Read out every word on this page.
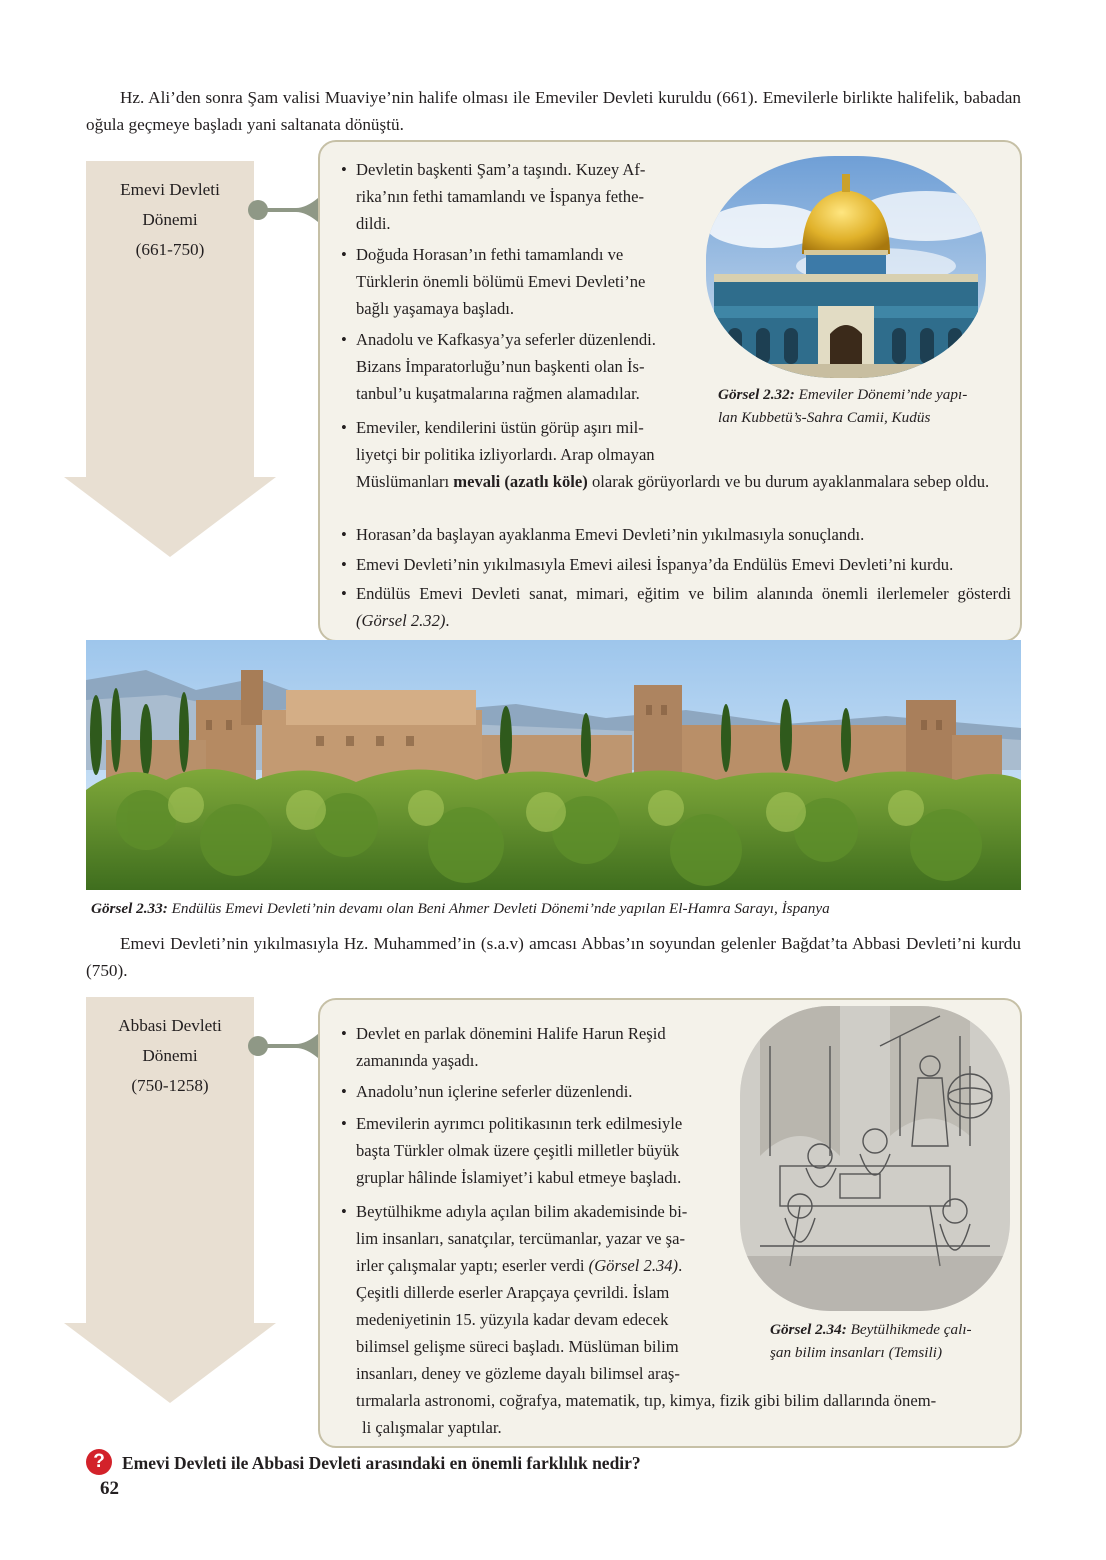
Hz. Ali’den sonra Şam valisi Muaviye’nin halife olması ile Emeviler Devleti kuruldu (661). Emevilerle birlikte halifelik, babadan oğula geçmeye başladı yani saltanata dönüştü.

Emevi Devleti
Dönemi
(661-750)
• Devletin başkenti Şam’a taşındı. Kuzey Af-

rika’nın fethi tamamlandı ve İspanya fethe-

dildi.

• Doğuda Horasan’ın fethi tamamlandı ve

Türklerin önemli bölümü Emevi Devleti’ne

bağlı yaşamaya başladı.

• Anadolu ve Kafkasya’ya seferler düzenlendi.

Bizans İmparatorluğu’nun başkenti olan İs-

tanbul’u kuşatmalarına rağmen alamadılar.

• Emeviler, kendilerini üstün görüp aşırı mil-

liyetçi bir politika izliyorlardı. Arap olmayan

Müslümanları mevali (azatlı köle) olarak görüyorlardı ve bu durum ayaklanmalara sebep oldu.

• Horasan’da başlayan ayaklanma Emevi Devleti’nin yıkılmasıyla sonuçlandı.

• Emevi Devleti’nin yıkılmasıyla Emevi ailesi İspanya’da Endülüs Emevi Devleti’ni kurdu.

• Endülüs Emevi Devleti sanat, mimari, eğitim ve bilim alanında önemli ilerlemeler gösterdi (Görsel 2.32).

Görsel 2.32: Emeviler Dönemi’nde yapı-
lan Kubbetü’s-Sahra Camii, Kudüs
Görsel 2.33: Endülüs Emevi Devleti’nin devamı olan Beni Ahmer Devleti Dönemi’nde yapılan El-Hamra Sarayı, İspanya

Emevi Devleti’nin yıkılmasıyla Hz. Muhammed’in (s.a.v) amcası Abbas’ın soyundan gelenler Bağdat’ta Abbasi Devleti’ni kurdu (750).

Abbasi Devleti
Dönemi
(750-1258)
• Devlet en parlak dönemini Halife Harun Reşid

zamanında yaşadı.

• Anadolu’nun içlerine seferler düzenlendi.

• Emevilerin ayrımcı politikasının terk edilmesiyle

başta Türkler olmak üzere çeşitli milletler büyük

gruplar hâlinde İslamiyet’i kabul etmeye başladı.

• Beytülhikme adıyla açılan bilim akademisinde bi-

lim insanları, sanatçılar, tercümanlar, yazar ve şa-

irler çalışmalar yaptı; eserler verdi (Görsel 2.34).

Çeşitli dillerde eserler Arapçaya çevrildi. İslam

medeniyetinin 15. yüzyıla kadar devam edecek

bilimsel gelişme süreci başladı. Müslüman bilim

insanları, deney ve gözleme dayalı bilimsel araş-

tırmalarla astronomi, coğrafya, matematik, tıp, kimya, fizik gibi bilim dallarında önem-

li çalışmalar yaptılar.

Görsel 2.34: Beytülhikmede çalı-
şan bilim insanları (Temsili)
? Emevi Devleti ile Abbasi Devleti arasındaki en önemli farklılık nedir?
62
